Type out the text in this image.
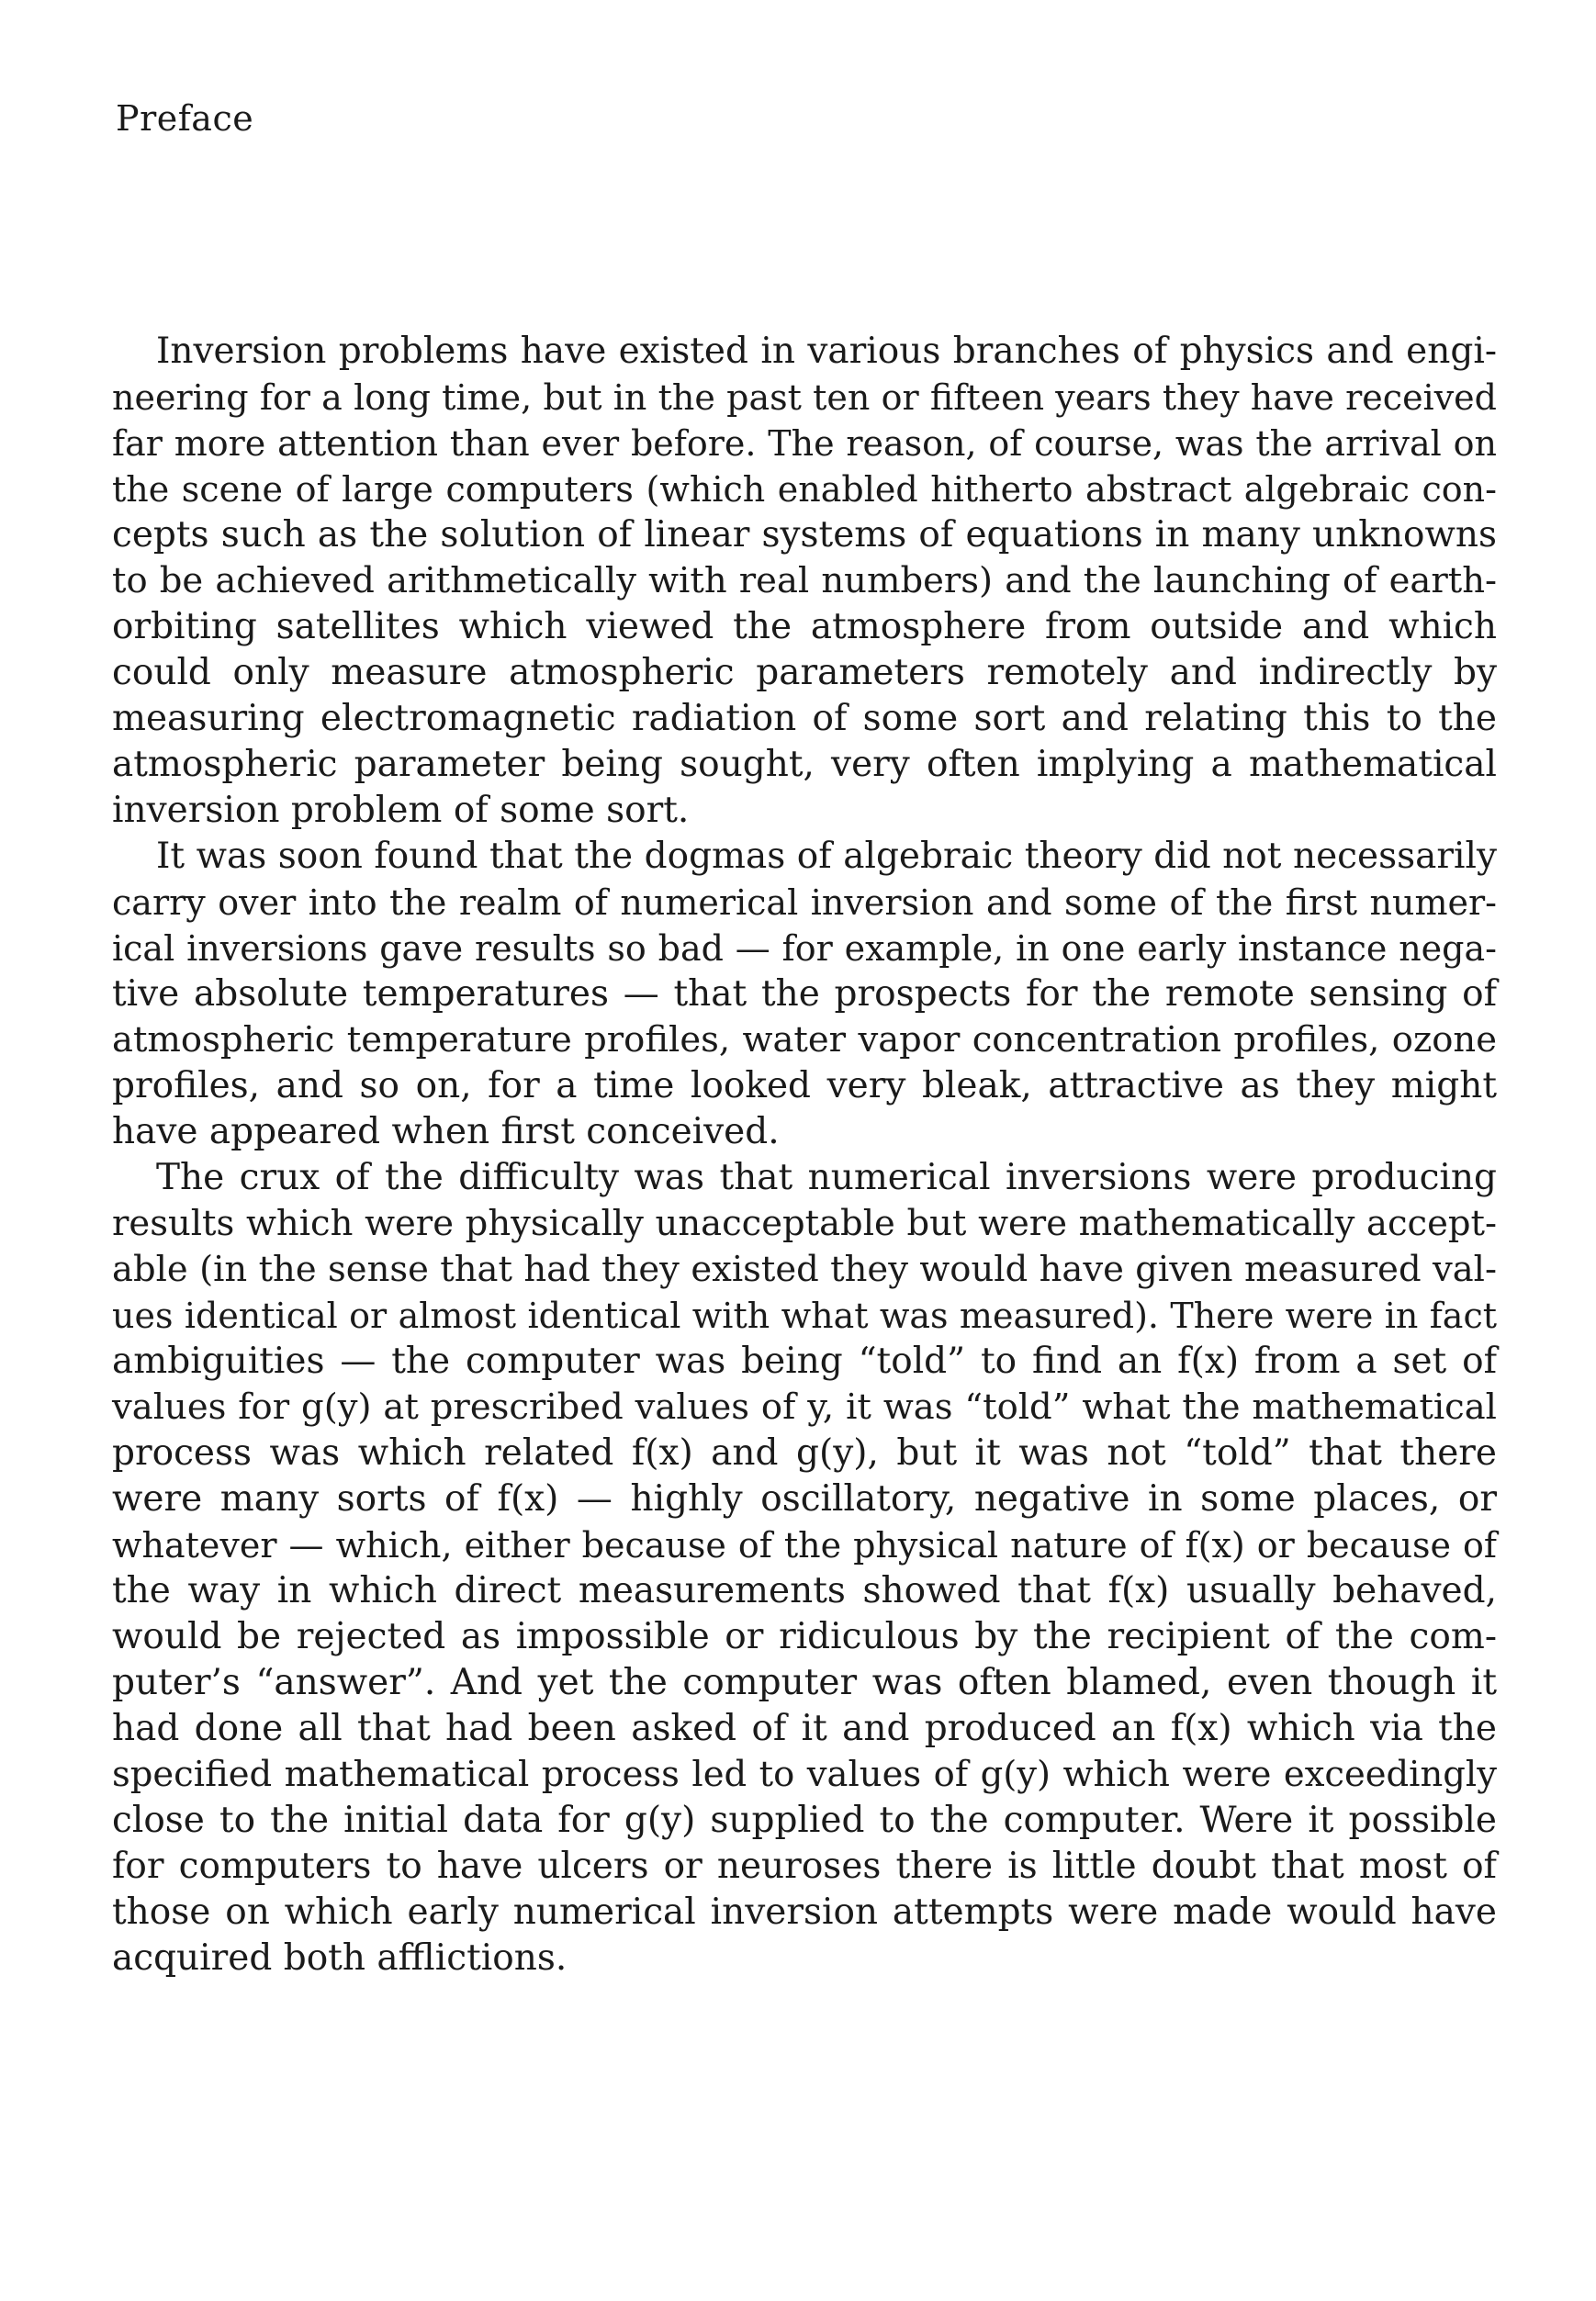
Preface
Inversion problems have existed in various branches of physics and engi-
neering for a long time, but in the past ten or fifteen years they have received
far more attention than ever before. The reason, of course, was the arrival on
the scene of large computers (which enabled hitherto abstract algebraic con-
cepts such as the solution of linear systems of equations in many unknowns
to be achieved arithmetically with real numbers) and the launching of earth-
orbiting satellites which viewed the atmosphere from outside and which
could only measure atmospheric parameters remotely and indirectly by
measuring electromagnetic radiation of some sort and relating this to the
atmospheric parameter being sought, very often implying a mathematical
inversion problem of some sort.
It was soon found that the dogmas of algebraic theory did not necessarily
carry over into the realm of numerical inversion and some of the first numer-
ical inversions gave results so bad — for example, in one early instance nega-
tive absolute temperatures — that the prospects for the remote sensing of
atmospheric temperature profiles, water vapor concentration profiles, ozone
profiles, and so on, for a time looked very bleak, attractive as they might
have appeared when first conceived.
The crux of the difficulty was that numerical inversions were producing
results which were physically unacceptable but were mathematically accept-
able (in the sense that had they existed they would have given measured val-
ues identical or almost identical with what was measured). There were in fact
ambiguities — the computer was being “told” to find an f(x) from a set of
values for g(y) at prescribed values of y, it was “told” what the mathematical
process was which related f(x) and g(y), but it was not “told” that there
were many sorts of f(x) — highly oscillatory, negative in some places, or
whatever — which, either because of the physical nature of f(x) or because of
the way in which direct measurements showed that f(x) usually behaved,
would be rejected as impossible or ridiculous by the recipient of the com-
puter’s “answer”. And yet the computer was often blamed, even though it
had done all that had been asked of it and produced an f(x) which via the
specified mathematical process led to values of g(y) which were exceedingly
close to the initial data for g(y) supplied to the computer. Were it possible
for computers to have ulcers or neuroses there is little doubt that most of
those on which early numerical inversion attempts were made would have
acquired both afflictions.
